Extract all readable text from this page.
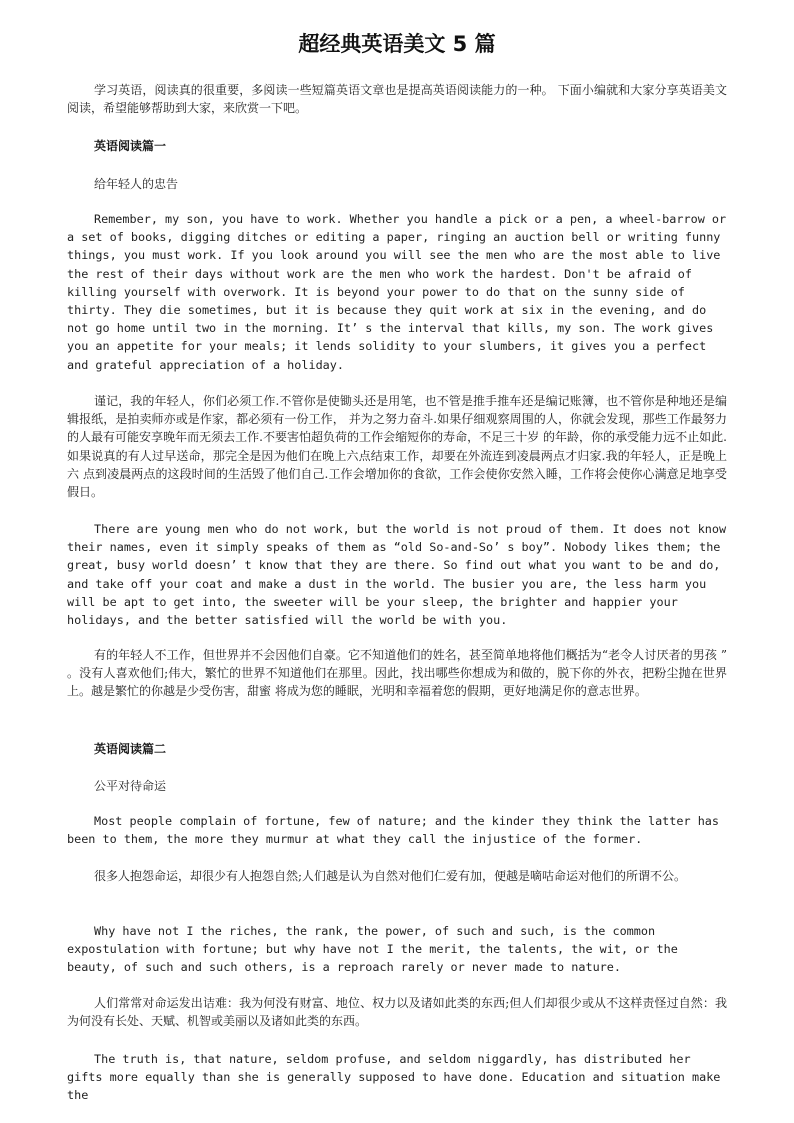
超经典英语美文 5 篇

学习英语，阅读真的很重要，多阅读一些短篇英语文章也是提高英语阅读能力的一种。 下面小编就和大家分享英语美文阅读，希望能够帮助到大家，来欣赏一下吧。

英语阅读篇一

给年轻人的忠告

Remember, my son, you have to work. Whether you handle a pick or a pen, a wheel-barrow or a set of books, digging ditches or editing a paper, ringing an auction bell or writing funny things, you must work. If you look around you will see the men who are the most able to live the rest of their days without work are the men who work the hardest. Don't be afraid of killing yourself with overwork. It is beyond your power to do that on the sunny side of thirty. They die sometimes, but it is because they quit work at six in the evening, and do not go home until two in the morning. It’ s the interval that kills, my son. The work gives you an appetite for your meals; it lends solidity to your slumbers, it gives you a perfect and grateful appreciation of a holiday.

谨记，我的年轻人，你们必须工作.不管你是使锄头还是用笔，也不管是推手推车还是编记账簿，也不管你是种地还是编辑报纸，是拍卖师亦或是作家，都必须有一份工作， 并为之努力奋斗.如果仔细观察周围的人，你就会发现，那些工作最努力的人最有可能安享晚年而无须去工作.不要害怕超负荷的工作会缩短你的寿命，不足三十岁 的年龄，你的承受能力远不止如此.如果说真的有人过早送命，那完全是因为他们在晚上六点结束工作，却要在外流连到凌晨两点才归家.我的年轻人，正是晚上六 点到凌晨两点的这段时间的生活毁了他们自己.工作会增加你的食欲，工作会使你安然入睡，工作将会使你心满意足地享受假日。

There are young men who do not work, but the world is not proud of them. It does not know their names, even it simply speaks of them as “old So-and-So’ s boy”. Nobody likes them; the great, busy world doesn’ t know that they are there. So find out what you want to be and do, and take off your coat and make a dust in the world. The busier you are, the less harm you will be apt to get into, the sweeter will be your sleep, the brighter and happier your holidays, and the better satisfied will the world be with you.

有的年轻人不工作，但世界并不会因他们自豪。它不知道他们的姓名，甚至简单地将他们概括为“老令人讨厌者的男孩 ” 。没有人喜欢他们;伟大，繁忙的世界不知道他们在那里。因此，找出哪些你想成为和做的，脱下你的外衣，把粉尘抛在世界上。越是繁忙的你越是少受伤害，甜蜜 将成为您的睡眠，光明和幸福着您的假期，更好地满足你的意志世界。

英语阅读篇二

公平对待命运

Most people complain of fortune, few of nature; and the kinder they think the latter has been to them, the more they murmur at what they call the injustice of the former.

很多人抱怨命运，却很少有人抱怨自然;人们越是认为自然对他们仁爱有加，便越是嘀咕命运对他们的所谓不公。

Why have not I the riches, the rank, the power, of such and such, is the common expostulation with fortune; but why have not I the merit, the talents, the wit, or the beauty, of such and such others, is a reproach rarely or never made to nature.

人们常常对命运发出诘难：我为何没有财富、地位、权力以及诸如此类的东西;但人们却很少或从不这样责怪过自然：我为何没有长处、天赋、机智或美丽以及诸如此类的东西。

The truth is, that nature, seldom profuse, and seldom niggardly, has distributed her gifts more equally than she is generally supposed to have done. Education and situation make the
